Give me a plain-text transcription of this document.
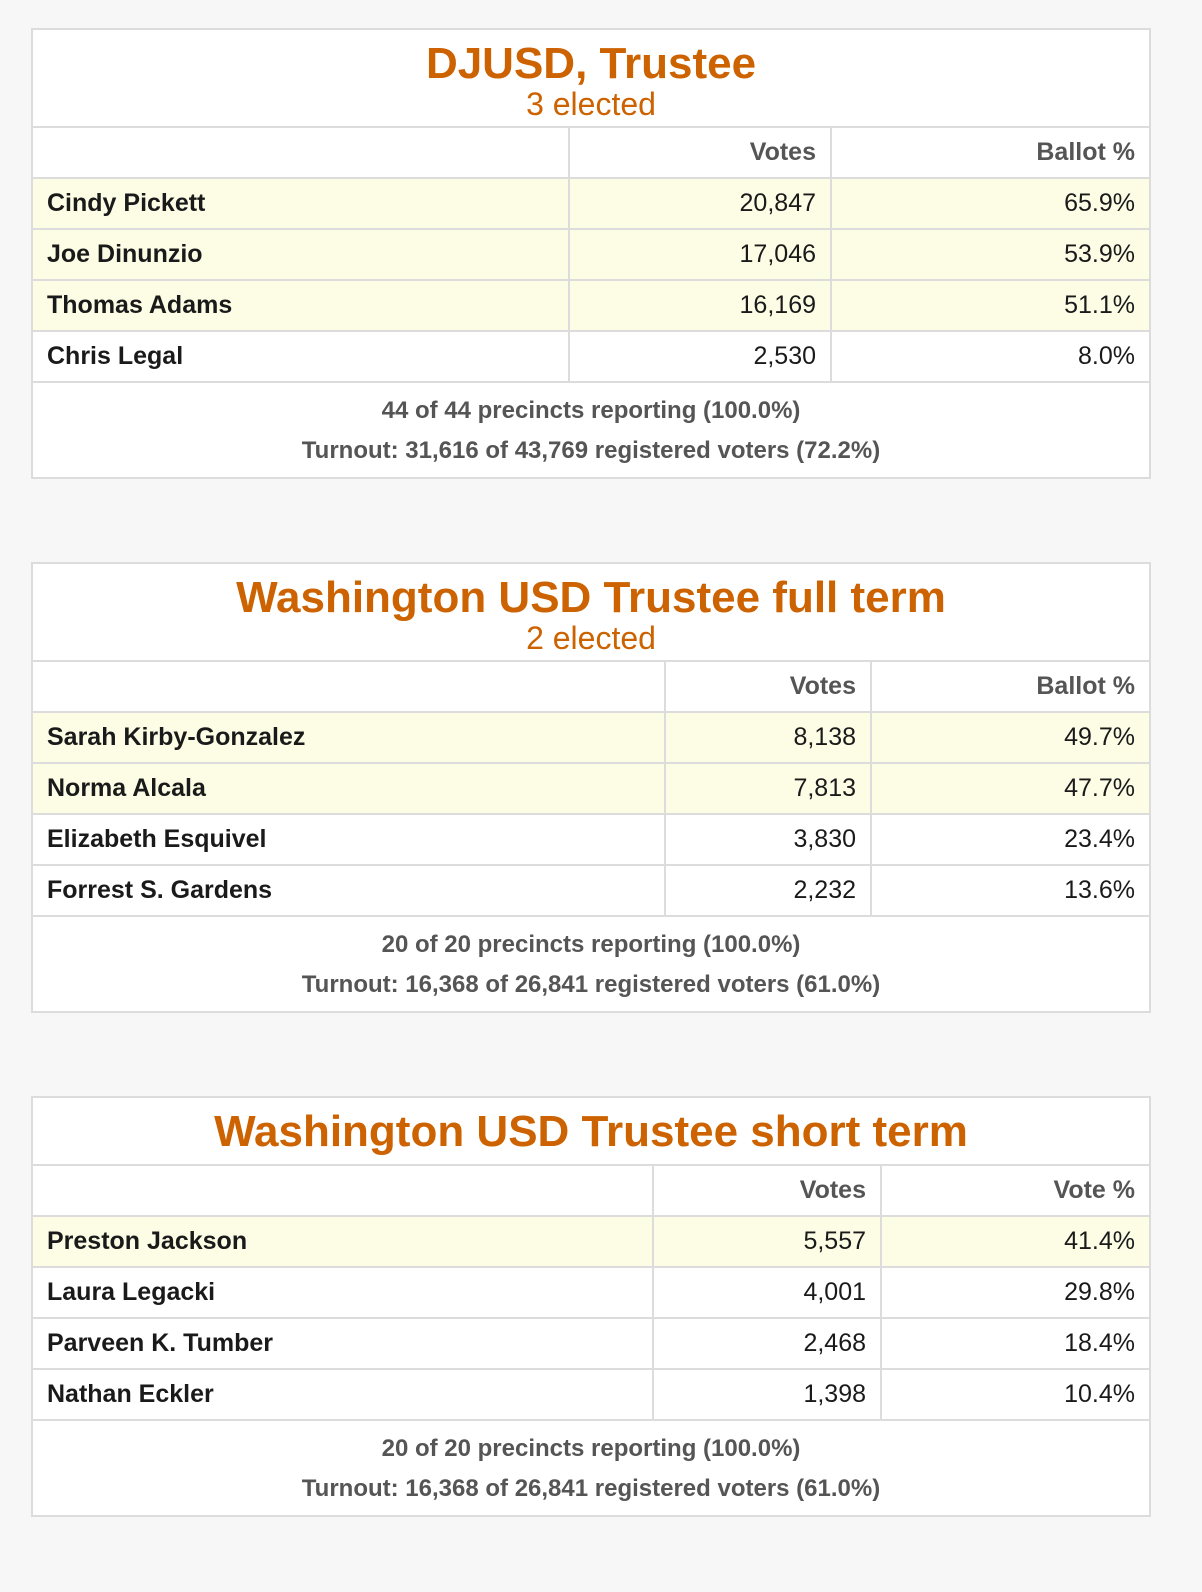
DJUSD, Trustee
3 elected
	Votes	Ballot %
Cindy Pickett	20,847	65.9%
Joe Dinunzio	17,046	53.9%
Thomas Adams	16,169	51.1%
Chris Legal	2,530	8.0%
44 of 44 precincts reporting (100.0%)
Turnout: 31,616 of 43,769 registered voters (72.2%)
Washington USD Trustee full term
2 elected
	Votes	Ballot %
Sarah Kirby-Gonzalez	8,138	49.7%
Norma Alcala	7,813	47.7%
Elizabeth Esquivel	3,830	23.4%
Forrest S. Gardens	2,232	13.6%
20 of 20 precincts reporting (100.0%)
Turnout: 16,368 of 26,841 registered voters (61.0%)
Washington USD Trustee short term
	Votes	Vote %
Preston Jackson	5,557	41.4%
Laura Legacki	4,001	29.8%
Parveen K. Tumber	2,468	18.4%
Nathan Eckler	1,398	10.4%
20 of 20 precincts reporting (100.0%)
Turnout: 16,368 of 26,841 registered voters (61.0%)
